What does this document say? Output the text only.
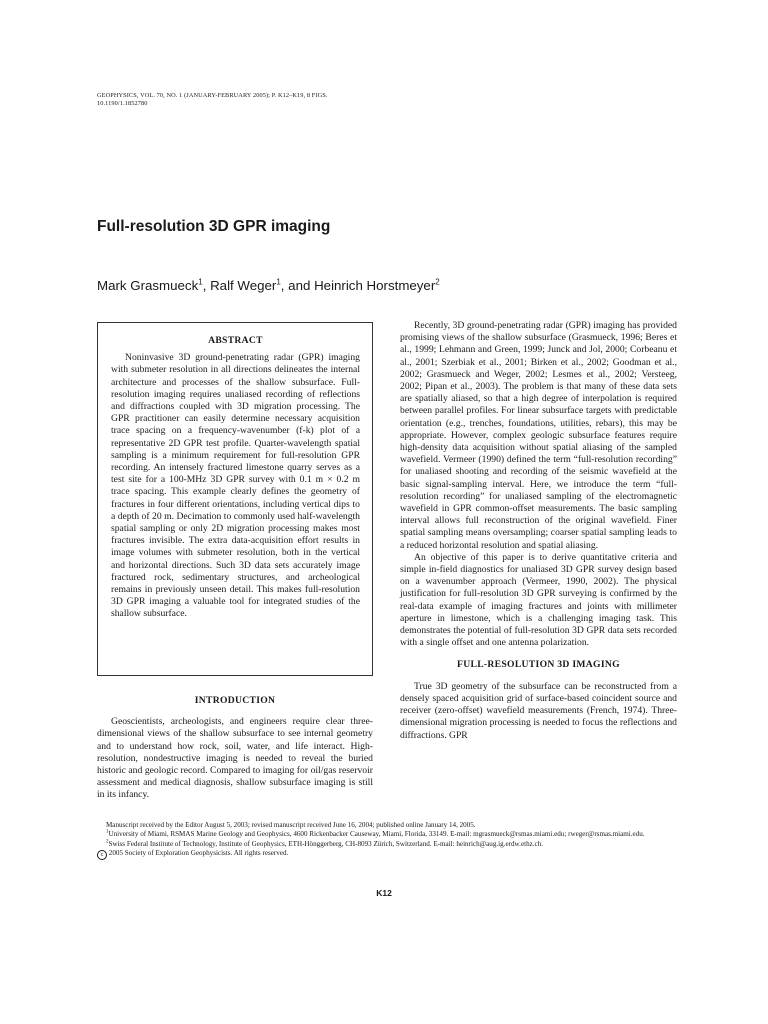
GEOPHYSICS, VOL. 70, NO. 1 (JANUARY-FEBRUARY 2005); P. K12–K19, 8 FIGS.
10.1190/1.1852780
Full-resolution 3D GPR imaging
Mark Grasmueck$^1$, Ralf Weger$^1$, and Heinrich Horstmeyer$^2$
ABSTRACT

Noninvasive 3D ground-penetrating radar (GPR) imaging with submeter resolution in all directions delineates the internal architecture and processes of the shallow subsurface. Full-resolution imaging requires unaliased recording of reflections and diffractions coupled with 3D migration processing. The GPR practitioner can easily determine necessary acquisition trace spacing on a frequency-wavenumber (f-k) plot of a representative 2D GPR test profile. Quarter-wavelength spatial sampling is a minimum requirement for full-resolution GPR recording. An intensely fractured limestone quarry serves as a test site for a 100-MHz 3D GPR survey with 0.1 m × 0.2 m trace spacing. This example clearly defines the geometry of fractures in four different orientations, including vertical dips to a depth of 20 m. Decimation to commonly used half-wavelength spatial sampling or only 2D migration processing makes most fractures invisible. The extra data-acquisition effort results in image volumes with submeter resolution, both in the vertical and horizontal directions. Such 3D data sets accurately image fractured rock, sedimentary structures, and archeological remains in previously unseen detail. This makes full-resolution 3D GPR imaging a valuable tool for integrated studies of the shallow subsurface.

INTRODUCTION

Geoscientists, archeologists, and engineers require clear three-dimensional views of the shallow subsurface to see internal geometry and to understand how rock, soil, water, and life interact. High-resolution, nondestructive imaging is needed to reveal the buried historic and geologic record. Compared to imaging for oil/gas reservoir assessment and medical diagnosis, shallow subsurface imaging is still in its infancy.

Recently, 3D ground-penetrating radar (GPR) imaging has provided promising views of the shallow subsurface (Grasmueck, 1996; Beres et al., 1999; Lehmann and Green, 1999; Junck and Jol, 2000; Corbeanu et al., 2001; Szerbiak et al., 2001; Birken et al., 2002; Goodman et al., 2002; Grasmueck and Weger, 2002; Lesmes et al., 2002; Versteeg, 2002; Pipan et al., 2003). The problem is that many of these data sets are spatially aliased, so that a high degree of interpolation is required between parallel profiles. For linear subsurface targets with predictable orientation (e.g., trenches, foundations, utilities, rebars), this may be appropriate. However, complex geologic subsurface features require high-density data acquisition without spatial aliasing of the sampled wavefield. Vermeer (1990) defined the term “full-resolution recording” for unaliased shooting and recording of the seismic wavefield at the basic signal-sampling interval. Here, we introduce the term “full-resolution recording” for unaliased sampling of the electromagnetic wavefield in GPR common-offset measurements. The basic sampling interval allows full reconstruction of the original wavefield. Finer spatial sampling means oversampling; coarser spatial sampling leads to a reduced horizontal resolution and spatial aliasing.

An objective of this paper is to derive quantitative criteria and simple in-field diagnostics for unaliased 3D GPR survey design based on a wavenumber approach (Vermeer, 1990, 2002). The physical justification for full-resolution 3D GPR surveying is confirmed by the real-data example of imaging fractures and joints with millimeter aperture in limestone, which is a challenging imaging task. This demonstrates the potential of full-resolution 3D GPR data sets recorded with a single offset and one antenna polarization.

FULL-RESOLUTION 3D IMAGING

True 3D geometry of the subsurface can be reconstructed from a densely spaced acquisition grid of surface-based coincident source and receiver (zero-offset) wavefield measurements (French, 1974). Three-dimensional migration processing is needed to focus the reflections and diffractions. GPR

Manuscript received by the Editor August 5, 2003; revised manuscript received June 16, 2004; published online January 14, 2005.

$^1$University of Miami, RSMAS Marine Geology and Geophysics, 4600 Rickenbacker Causeway, Miami, Florida, 33149. E-mail: mgrasmueck@rsmas.miami.edu; rweger@rsmas.miami.edu.

$^2$Swiss Federal Institute of Technology, Institute of Geophysics, ETH-Hönggerberg, CH-8093 Zürich, Switzerland. E-mail: heinrich@aug.ig.erdw.ethz.ch.

c 2005 Society of Exploration Geophysicists. All rights reserved.

K12
